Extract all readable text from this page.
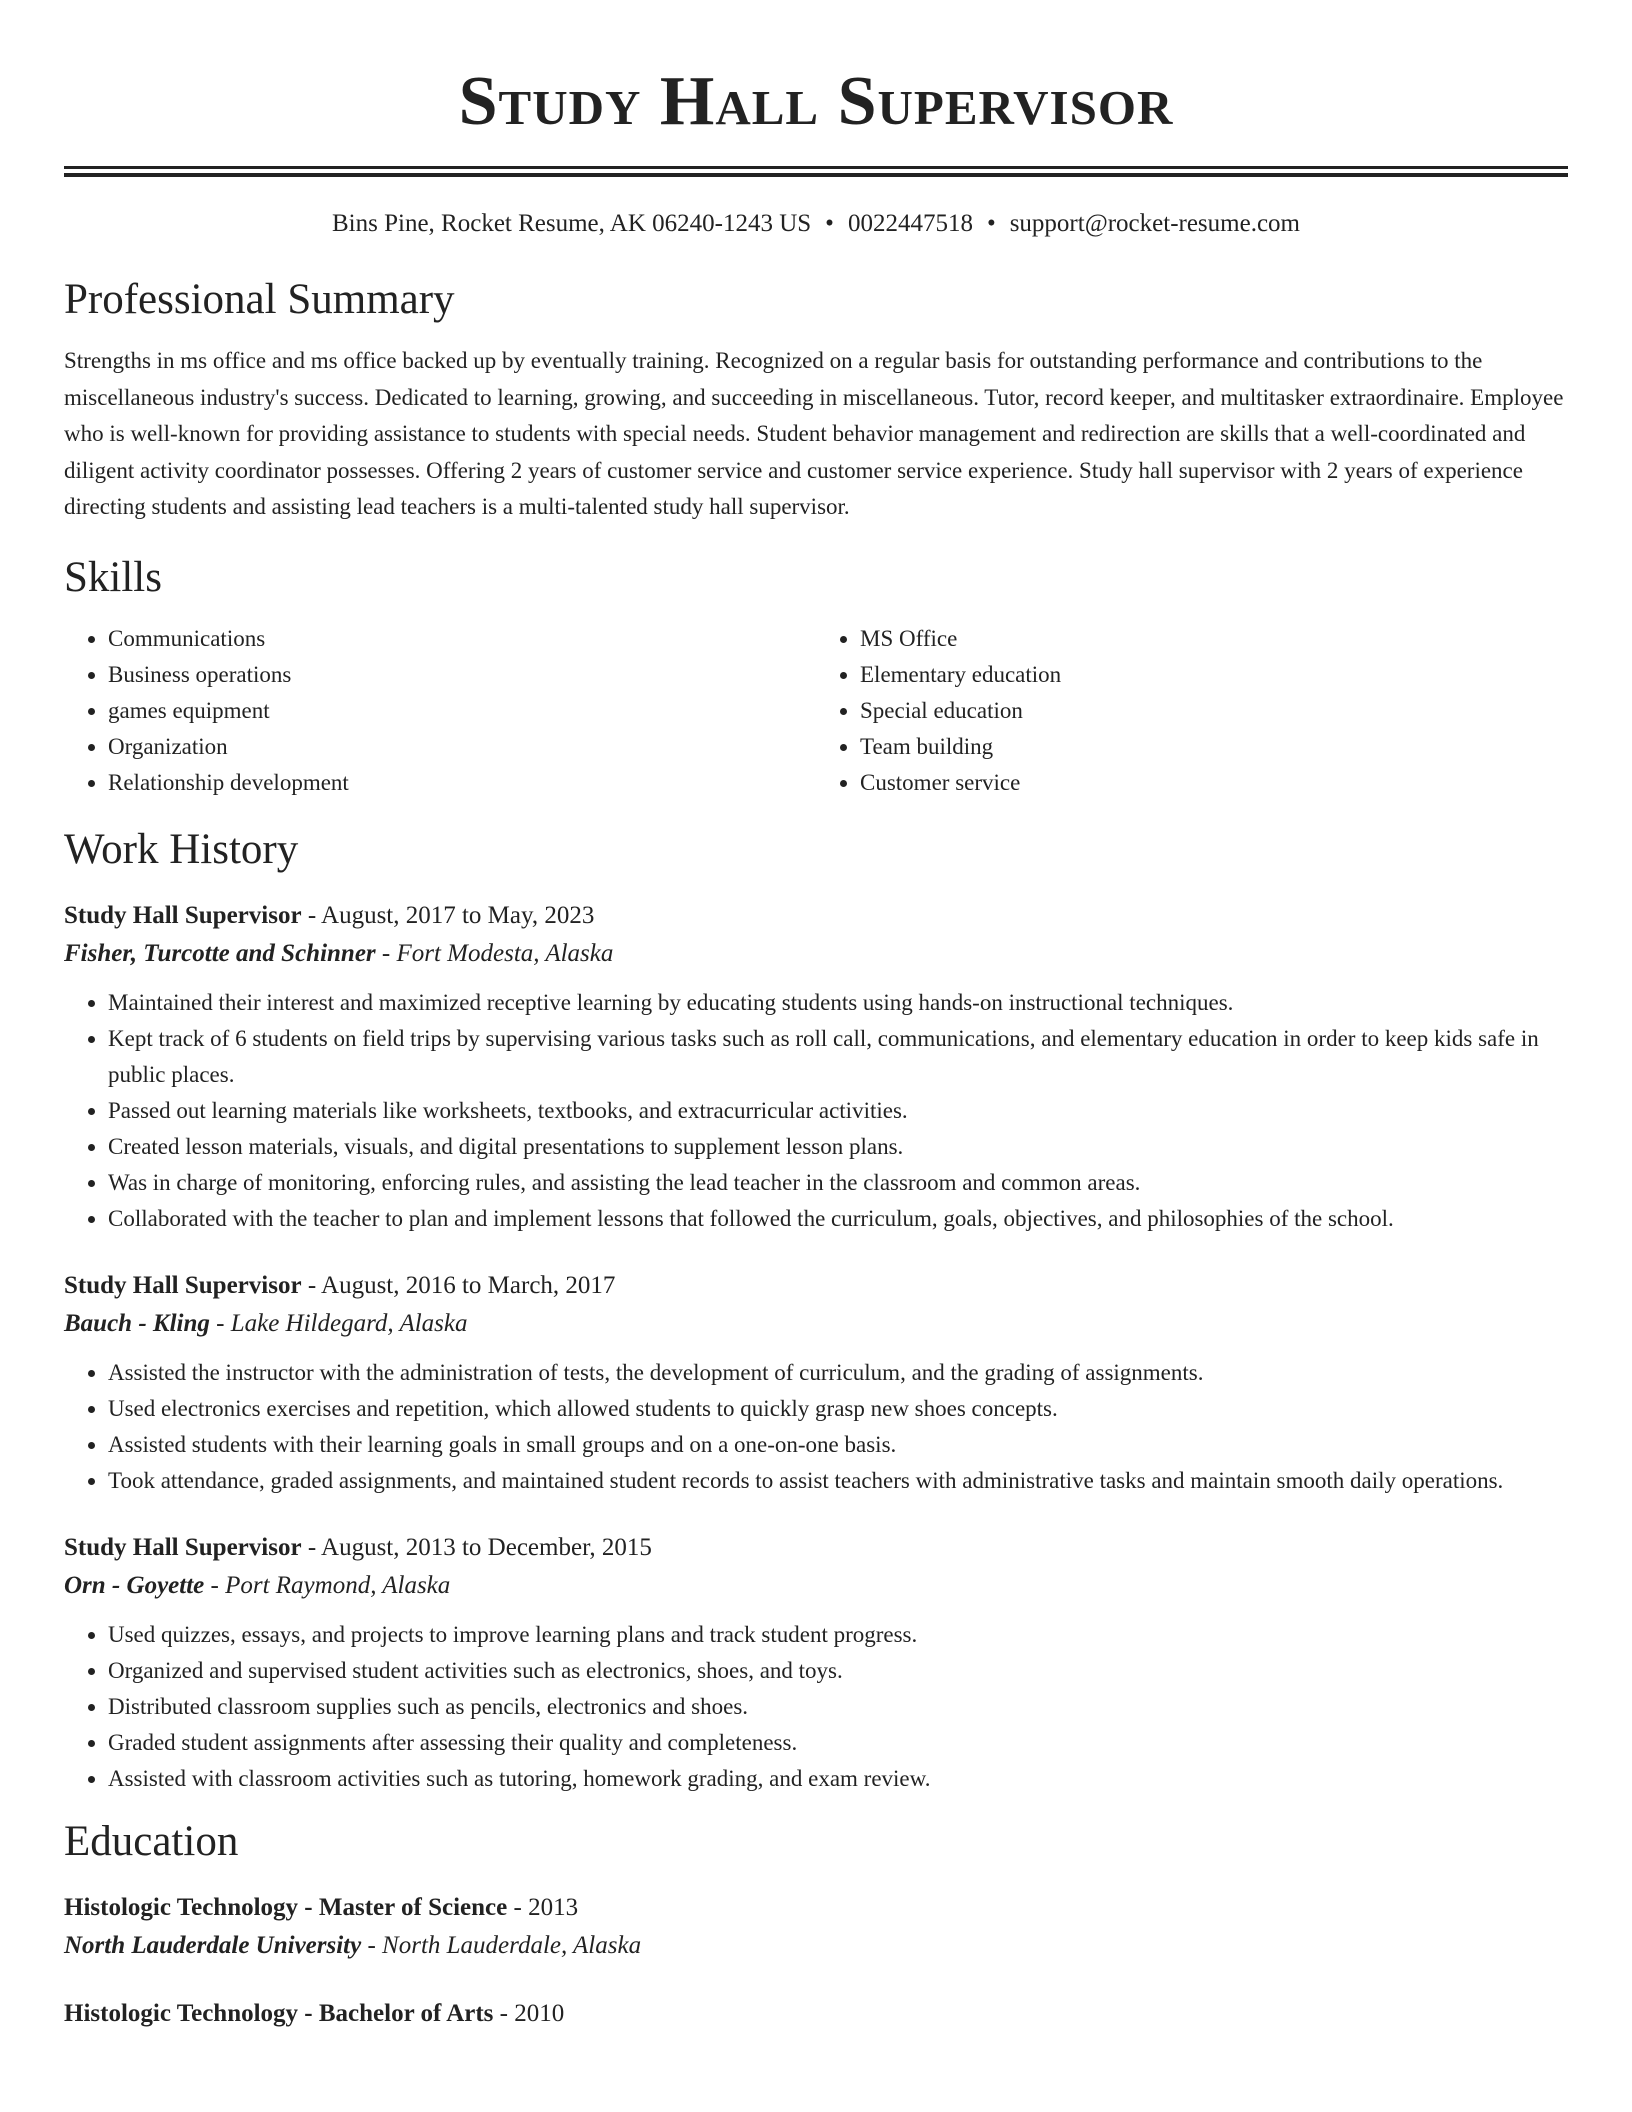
Study Hall Supervisor
Bins Pine, Rocket Resume, AK 06240-1243 US • 0022447518 • support@rocket-resume.com
Professional Summary

Strengths in ms office and ms office backed up by eventually training. Recognized on a regular basis for outstanding performance and contributions to the miscellaneous industry's success. Dedicated to learning, growing, and succeeding in miscellaneous. Tutor, record keeper, and multitasker extraordinaire. Employee who is well-known for providing assistance to students with special needs. Student behavior management and redirection are skills that a well-coordinated and diligent activity coordinator possesses. Offering 2 years of customer service and customer service experience. Study hall supervisor with 2 years of experience directing students and assisting lead teachers is a multi-talented study hall supervisor.

Skills
• Communications
• Business operations
• games equipment
• Organization
• Relationship development
• MS Office
• Elementary education
• Special education
• Team building
• Customer service
Work History
Study Hall Supervisor - August, 2017 to May, 2023
Fisher, Turcotte and Schinner - Fort Modesta, Alaska
• Maintained their interest and maximized receptive learning by educating students using hands-on instructional techniques.
• Kept track of 6 students on field trips by supervising various tasks such as roll call, communications, and elementary education in order to keep kids safe in public places.
• Passed out learning materials like worksheets, textbooks, and extracurricular activities.
• Created lesson materials, visuals, and digital presentations to supplement lesson plans.
• Was in charge of monitoring, enforcing rules, and assisting the lead teacher in the classroom and common areas.
• Collaborated with the teacher to plan and implement lessons that followed the curriculum, goals, objectives, and philosophies of the school.
Study Hall Supervisor - August, 2016 to March, 2017
Bauch - Kling - Lake Hildegard, Alaska
• Assisted the instructor with the administration of tests, the development of curriculum, and the grading of assignments.
• Used electronics exercises and repetition, which allowed students to quickly grasp new shoes concepts.
• Assisted students with their learning goals in small groups and on a one-on-one basis.
• Took attendance, graded assignments, and maintained student records to assist teachers with administrative tasks and maintain smooth daily operations.
Study Hall Supervisor - August, 2013 to December, 2015
Orn - Goyette - Port Raymond, Alaska
• Used quizzes, essays, and projects to improve learning plans and track student progress.
• Organized and supervised student activities such as electronics, shoes, and toys.
• Distributed classroom supplies such as pencils, electronics and shoes.
• Graded student assignments after assessing their quality and completeness.
• Assisted with classroom activities such as tutoring, homework grading, and exam review.
Education
Histologic Technology - Master of Science - 2013
North Lauderdale University - North Lauderdale, Alaska
Histologic Technology - Bachelor of Arts - 2010
